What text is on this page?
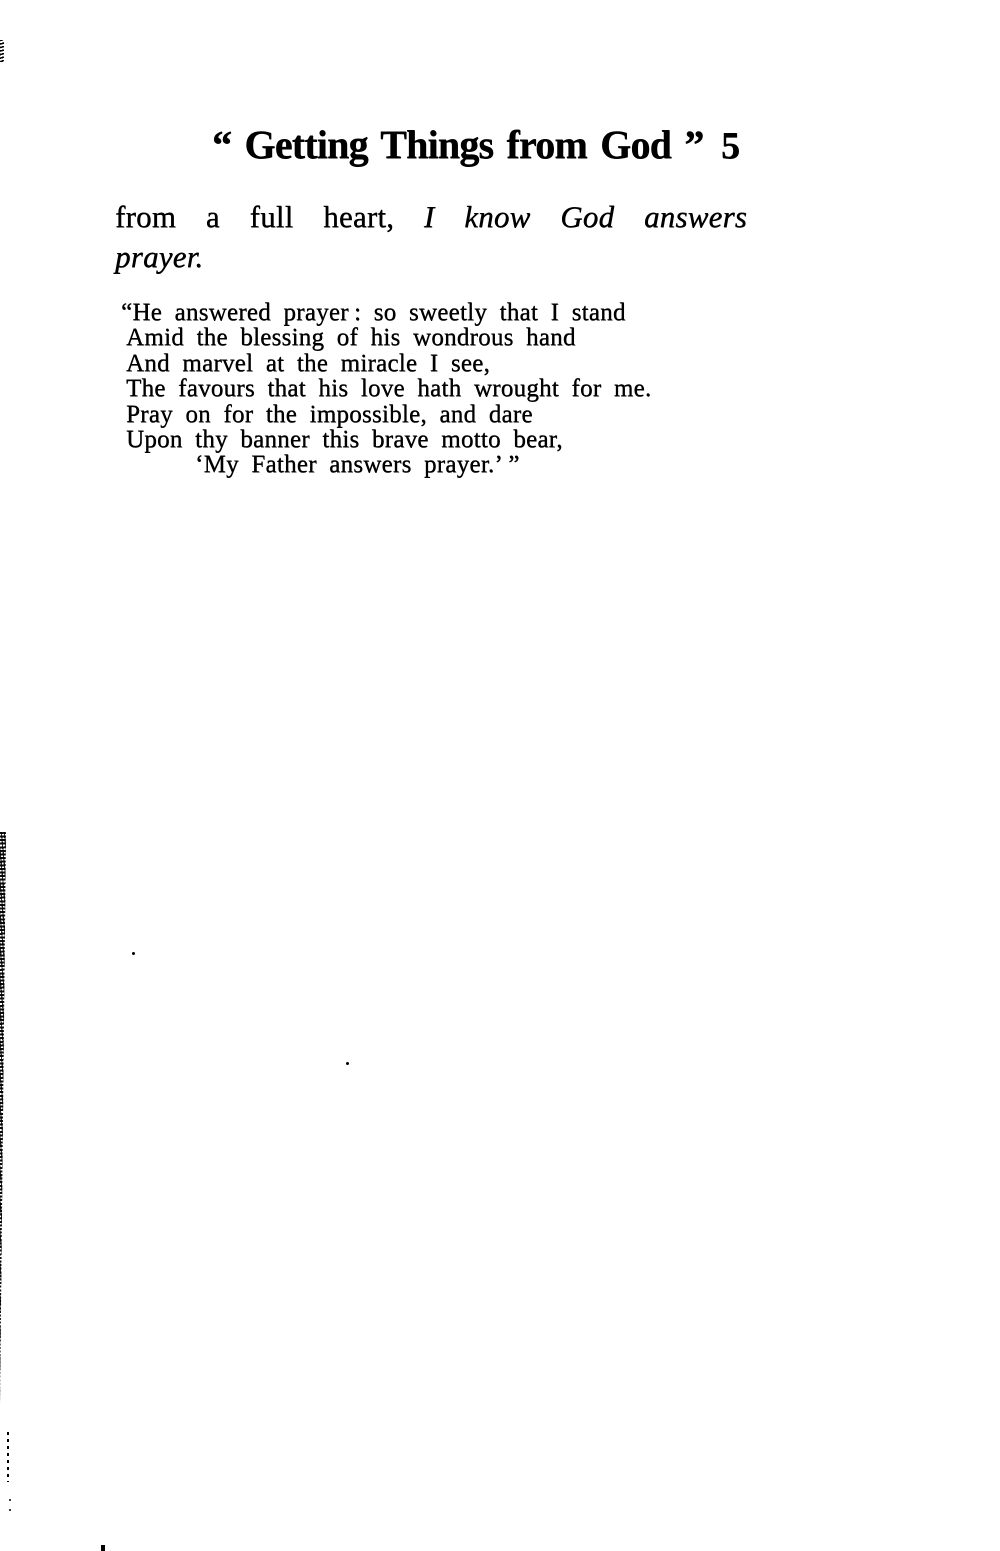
“ Getting Things from God ” 5
from a full heart, I know God answers
prayer.
“He answered prayer : so sweetly that I stand
Amid the blessing of his wondrous hand
And marvel at the miracle I see,
The favours that his love hath wrought for me.
Pray on for the impossible, and dare
Upon thy banner this brave motto bear,
‘My Father answers prayer.’ ”
